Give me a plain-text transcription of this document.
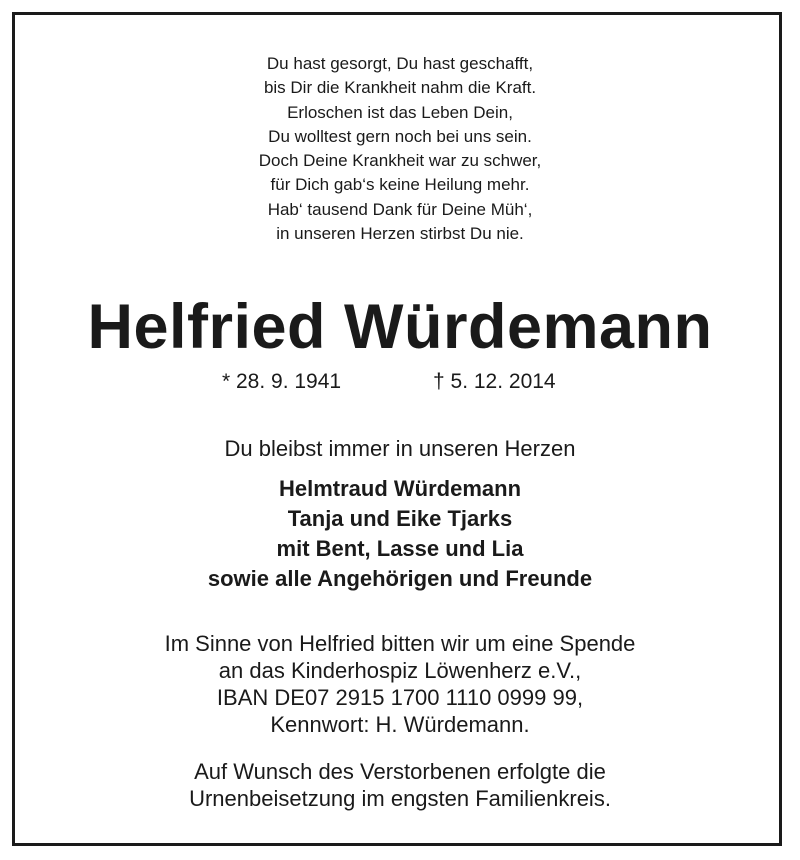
Du hast gesorgt, Du hast geschafft,
bis Dir die Krankheit nahm die Kraft.
Erloschen ist das Leben Dein,
Du wolltest gern noch bei uns sein.
Doch Deine Krankheit war zu schwer,
für Dich gab‘s keine Heilung mehr.
Hab‘ tausend Dank für Deine Müh‘,
in unseren Herzen stirbst Du nie.
Helfried Würdemann
* 28. 9. 1941	† 5. 12. 2014
Du bleibst immer in unseren Herzen
Helmtraud Würdemann
Tanja und Eike Tjarks
mit Bent, Lasse und Lia
sowie alle Angehörigen und Freunde
Im Sinne von Helfried bitten wir um eine Spende
an das Kinderhospiz Löwenherz e.V.,
IBAN DE07 2915 1700 1110 0999 99,
Kennwort: H. Würdemann.
Auf Wunsch des Verstorbenen erfolgte die
Urnenbeisetzung im engsten Familienkreis.
